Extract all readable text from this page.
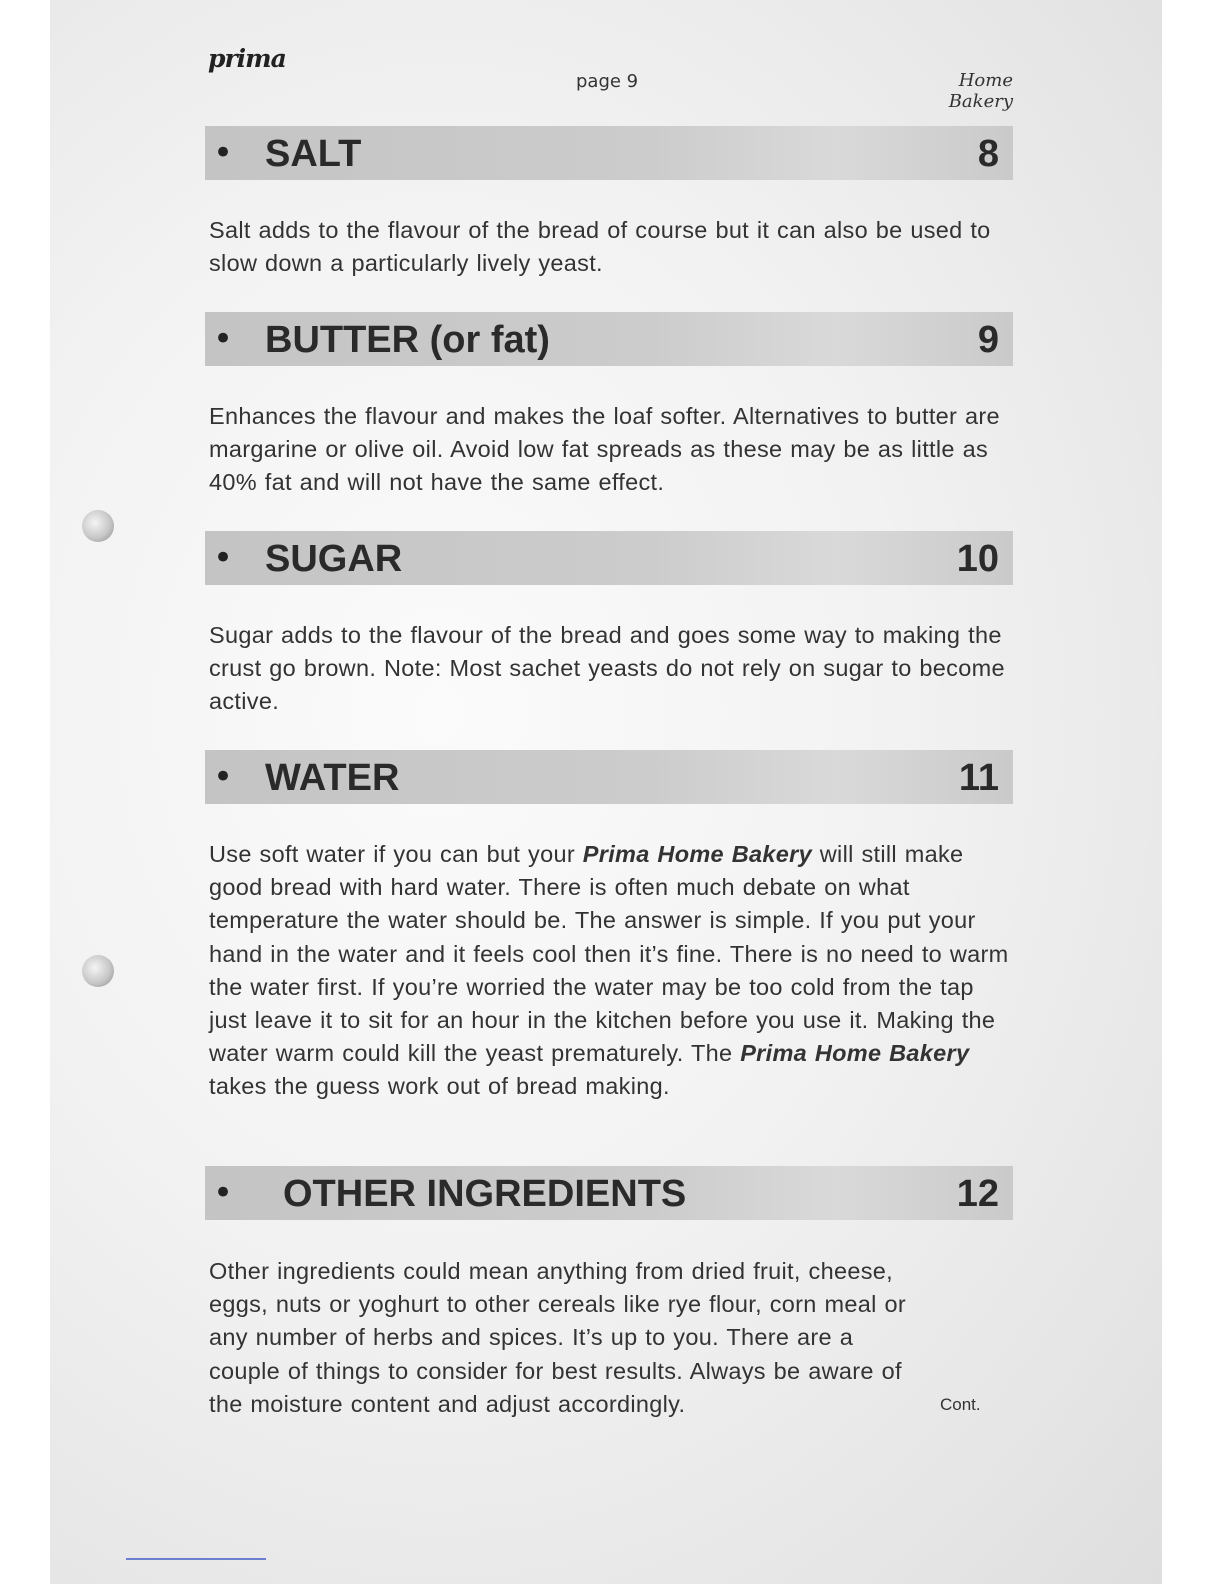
prima
page 9	Home Bakery
• SALT	8

Salt adds to the flavour of the bread of course but it can also be used to slow down a particularly lively yeast.

• BUTTER (or fat)	9

Enhances the flavour and makes the loaf softer. Alternatives to butter are margarine or olive oil. Avoid low fat spreads as these may be as little as 40% fat and will not have the same effect.

• SUGAR	10

Sugar adds to the flavour of the bread and goes some way to making the crust go brown. Note: Most sachet yeasts do not rely on sugar to become active.

• WATER	11

Use soft water if you can but your Prima Home Bakery will still make good bread with hard water. There is often much debate on what temperature the water should be. The answer is simple. If you put your hand in the water and it feels cool then it’s fine. There is no need to warm the water first. If you’re worried the water may be too cold from the tap just leave it to sit for an hour in the kitchen before you use it. Making the water warm could kill the yeast prematurely. The Prima Home Bakery takes the guess work out of bread making.

• OTHER INGREDIENTS	12

Other ingredients could mean anything from dried fruit, cheese, eggs, nuts or yoghurt to other cereals like rye flour, corn meal or any number of herbs and spices. It’s up to you. There are a couple of things to consider for best results. Always be aware of the moisture content and adjust accordingly.	Cont.
